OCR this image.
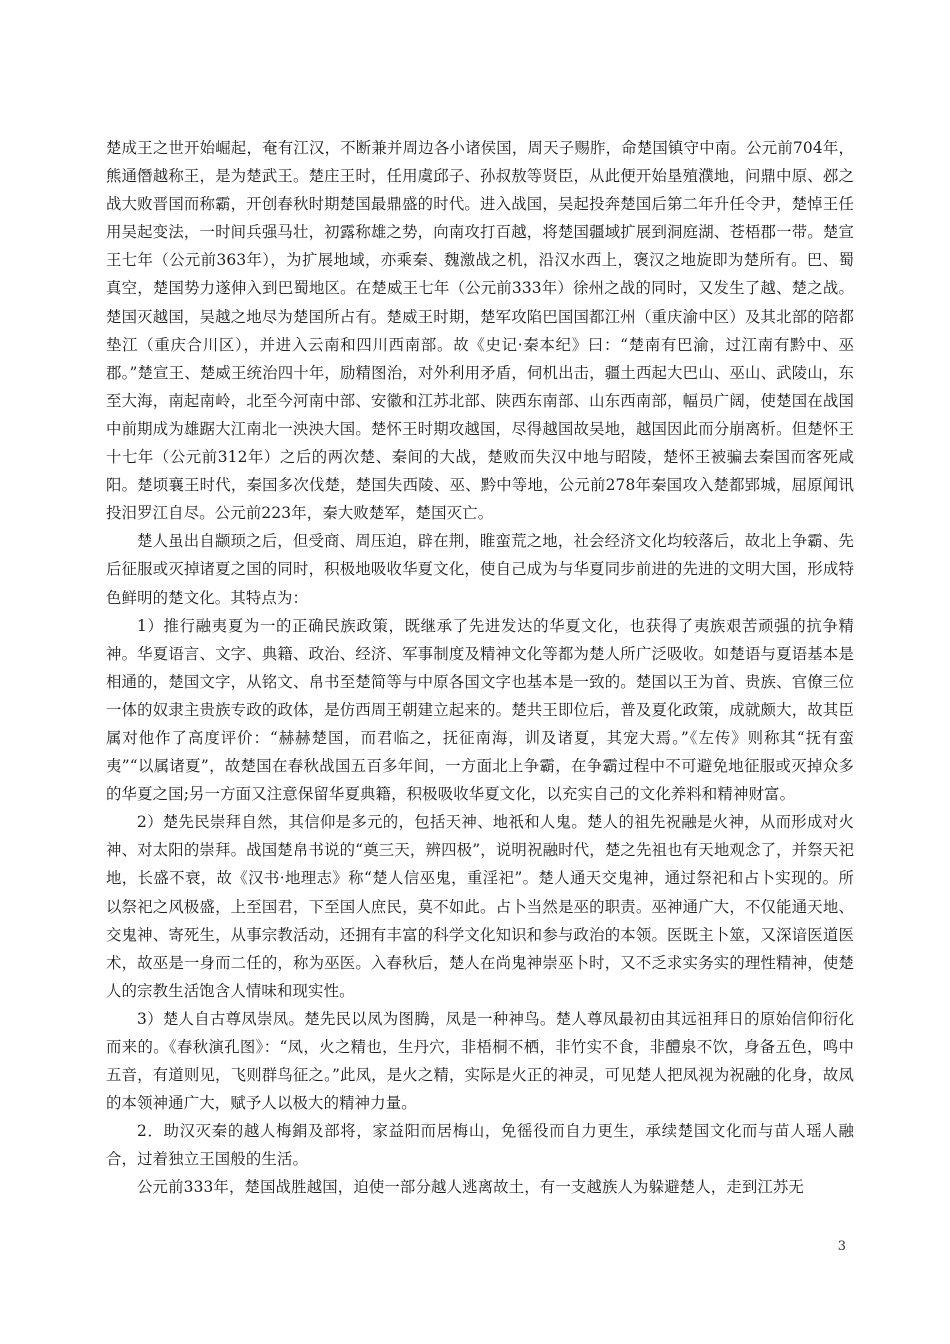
楚成王之世开始崛起，奄有江汉，不断兼并周边各小诸侯国，周天子赐胙，命楚国镇守中南。公元前704年，熊通僭越称王，是为楚武王。楚庄王时，任用虞邱子、孙叔敖等贤臣，从此便开始垦殖濮地，问鼎中原、邲之战大败晋国而称霸，开创春秋时期楚国最鼎盛的时代。进入战国，吴起投奔楚国后第二年升任令尹，楚悼王任用吴起变法，一时间兵强马壮，初露称雄之势，向南攻打百越，将楚国疆域扩展到洞庭湖、苍梧郡一带。楚宣王七年（公元前363年），为扩展地域，亦乘秦、魏激战之机，沿汉水西上，褒汉之地旋即为楚所有。巴、蜀真空，楚国势力遂伸入到巴蜀地区。在楚威王七年（公元前333年）徐州之战的同时，又发生了越、楚之战。楚国灭越国，吴越之地尽为楚国所占有。楚威王时期，楚军攻陷巴国国都江州（重庆渝中区）及其北部的陪都垫江（重庆合川区），并进入云南和四川西南部。故《史记·秦本纪》曰：“楚南有巴渝，过江南有黔中、巫郡。”楚宣王、楚威王统治四十年，励精图治，对外利用矛盾，伺机出击，疆土西起大巴山、巫山、武陵山，东至大海，南起南岭，北至今河南中部、安徽和江苏北部、陕西东南部、山东西南部，幅员广阔，使楚国在战国中前期成为雄踞大江南北一泱泱大国。楚怀王时期攻越国，尽得越国故吴地，越国因此而分崩离析。但楚怀王十七年（公元前312年）之后的两次楚、秦间的大战，楚败而失汉中地与昭陵，楚怀王被骗去秦国而客死咸阳。楚顷襄王时代，秦国多次伐楚，楚国失西陵、巫、黔中等地，公元前278年秦国攻入楚都郢城，屈原闻讯投汨罗江自尽。公元前223年，秦大败楚军，楚国灭亡。

楚人虽出自颛顼之后，但受商、周压迫，辟在荆，睢蛮荒之地，社会经济文化均较落后，故北上争霸、先后征服或灭掉诸夏之国的同时，积极地吸收华夏文化，使自己成为与华夏同步前进的先进的文明大国，形成特色鲜明的楚文化。其特点为：

1）推行融夷夏为一的正确民族政策，既继承了先进发达的华夏文化，也获得了夷族艰苦顽强的抗争精神。华夏语言、文字、典籍、政治、经济、军事制度及精神文化等都为楚人所广泛吸收。如楚语与夏语基本是相通的，楚国文字，从铭文、帛书至楚简等与中原各国文字也基本是一致的。楚国以王为首、贵族、官僚三位一体的奴隶主贵族专政的政体，是仿西周王朝建立起来的。楚共王即位后，普及夏化政策，成就颇大，故其臣属对他作了高度评价：“赫赫楚国，而君临之，抚征南海，训及诸夏，其宠大焉。”《左传》则称其“抚有蛮夷”“以属诸夏”，故楚国在春秋战国五百多年间，一方面北上争霸，在争霸过程中不可避免地征服或灭掉众多的华夏之国;另一方面又注意保留华夏典籍，积极吸收华夏文化，以充实自己的文化养料和精神财富。

2）楚先民崇拜自然，其信仰是多元的，包括天神、地祇和人鬼。楚人的祖先祝融是火神，从而形成对火神、对太阳的崇拜。战国楚帛书说的“奠三天，辨四极”，说明祝融时代，楚之先祖也有天地观念了，并祭天祀地，长盛不衰，故《汉书·地理志》称“楚人信巫鬼，重淫祀”。楚人通天交鬼神，通过祭祀和占卜实现的。所以祭祀之风极盛，上至国君，下至国人庶民，莫不如此。占卜当然是巫的职责。巫神通广大，不仅能通天地、交鬼神、寄死生，从事宗教活动，还拥有丰富的科学文化知识和参与政治的本领。医既主卜筮，又深谙医道医术，故巫是一身而二任的，称为巫医。入春秋后，楚人在尚鬼神崇巫卜时，又不乏求实务实的理性精神，使楚人的宗教生活饱含人情味和现实性。

3）楚人自古尊凤崇凤。楚先民以凤为图腾，凤是一种神鸟。楚人尊凤最初由其远祖拜日的原始信仰衍化而来的。《春秋演孔图》：“凤，火之精也，生丹穴，非梧桐不栖，非竹实不食，非醴泉不饮，身备五色，鸣中五音，有道则见，飞则群鸟征之。”此凤，是火之精，实际是火正的神灵，可见楚人把凤视为祝融的化身，故凤的本领神通广大，赋予人以极大的精神力量。

2．助汉灭秦的越人梅鋗及部将，家益阳而居梅山，免徭役而自力更生，承续楚国文化而与苗人瑶人融合，过着独立王国般的生活。

公元前333年，楚国战胜越国，迫使一部分越人逃离故土，有一支越族人为躲避楚人，走到江苏无

3
